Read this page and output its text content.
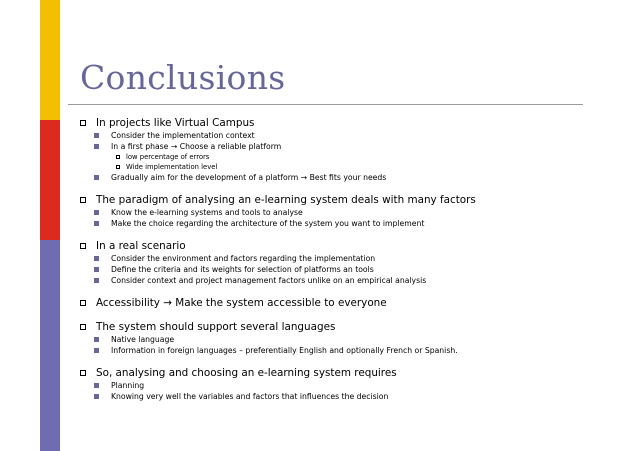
Conclusions
In projects like Virtual Campus
Consider the implementation context
In a first phase → Choose a reliable platform
low percentage of errors
Wide implementation level
Gradually aim for the development of a platform → Best fits your needs
The paradigm of analysing an e-learning system deals with many factors
Know the e-learning systems and tools to analyse
Make the choice regarding the architecture of the system you want to implement
In a real scenario
Consider the environment and factors regarding the implementation
Define the criteria and its weights for selection of platforms an tools
Consider context and project management factors unlike on an empirical analysis
Accessibility → Make the system accessible to everyone
The system should support several languages
Native language
Information in foreign languages – preferentially English and optionally French or Spanish.
So, analysing and choosing an e-learning system requires
Planning
Knowing very well the variables and factors that influences the decision
